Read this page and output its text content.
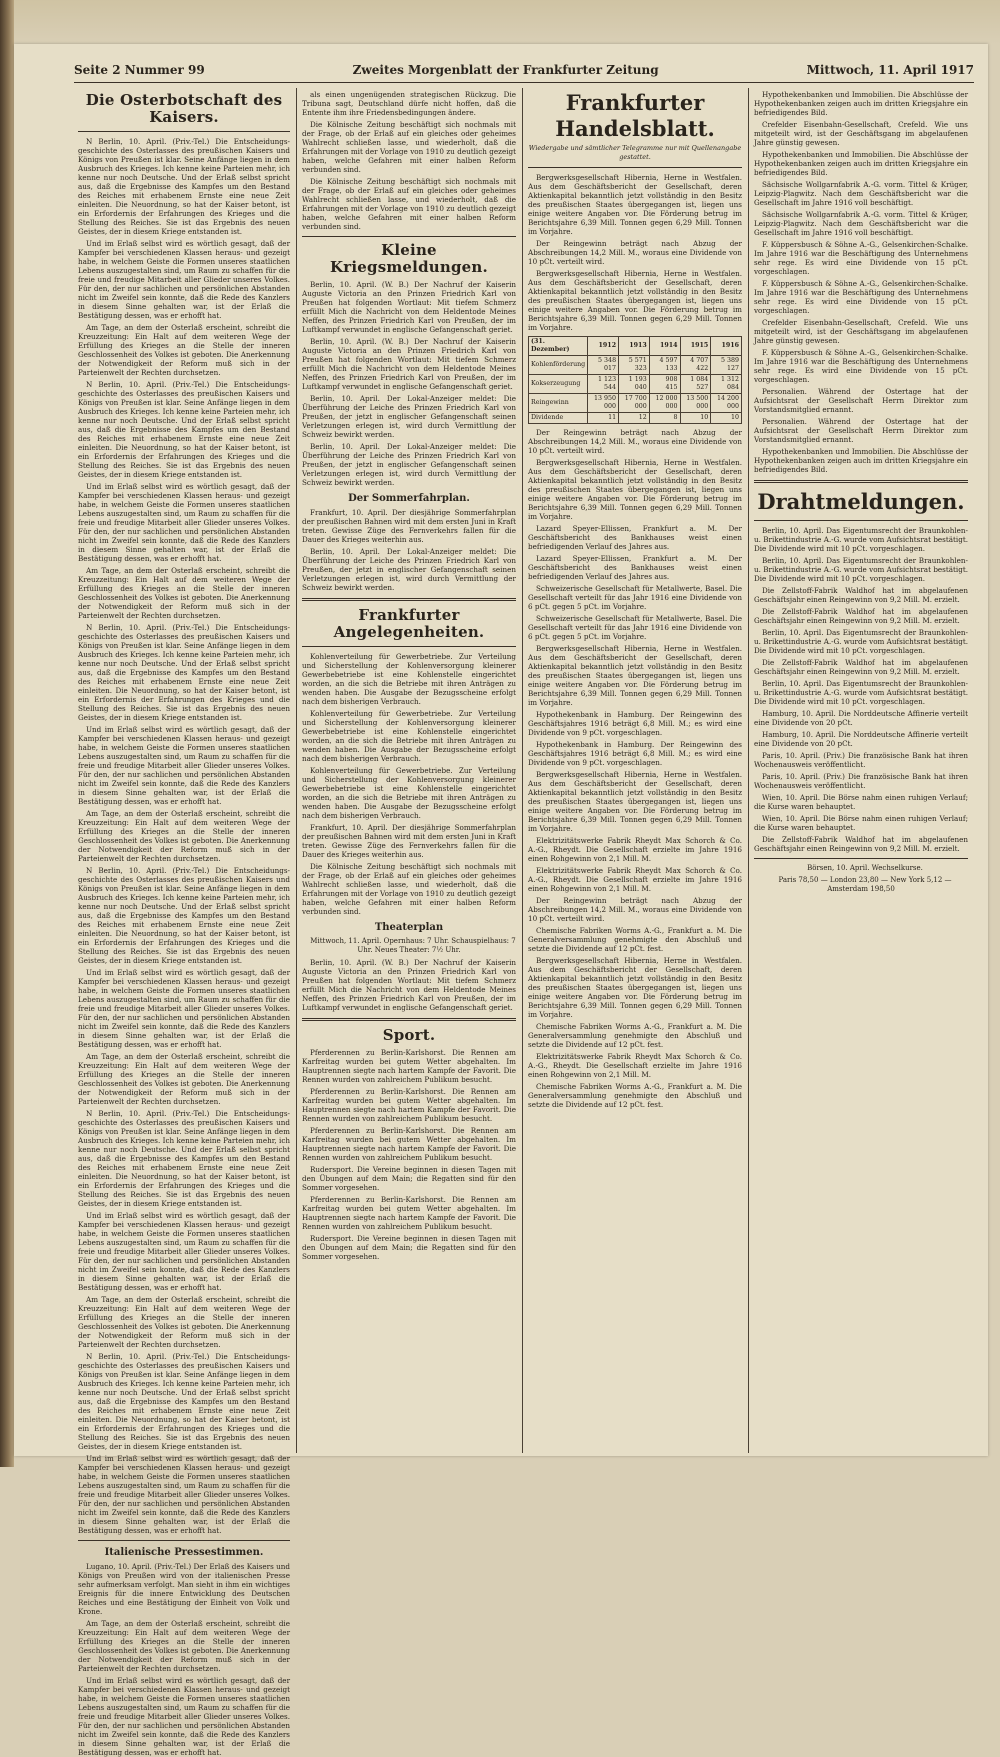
Seite 2 Nummer 99	Zweites Morgenblatt der Frankfurter Zeitung	Mittwoch, 11. April 1917
Die Osterbotschaft des Kaisers.

N Berlin, 10. April. (Priv.-Tel.) Die Entscheidungs-geschichte des Osterlasses des preußischen Kaisers und Königs von Preußen ist klar. Seine Anfänge liegen in dem Ausbruch des Krieges. Ich kenne keine Parteien mehr, ich kenne nur noch Deutsche. Und der Erlaß selbst spricht aus, daß die Ergebnisse des Kampfes um den Bestand des Reiches mit erhabenem Ernste eine neue Zeit einleiten. Die Neuordnung, so hat der Kaiser betont, ist ein Erfordernis der Erfahrungen des Krieges und die Stellung des Reiches. Sie ist das Ergebnis des neuen Geistes, der in diesem Kriege entstanden ist.

Und im Erlaß selbst wird es wörtlich gesagt, daß der Kampfer bei verschiedenen Klassen heraus- und gezeigt habe, in welchem Geiste die Formen unseres staatlichen Lebens auszugestalten sind, um Raum zu schaffen für die freie und freudige Mitarbeit aller Glieder unseres Volkes. Für den, der nur sachlichen und persönlichen Abstanden nicht im Zweifel sein konnte, daß die Rede des Kanzlers in diesem Sinne gehalten war, ist der Erlaß die Bestätigung dessen, was er erhofft hat.

Am Tage, an dem der Osterlaß erscheint, schreibt die Kreuzzeitung: Ein Halt auf dem weiteren Wege der Erfüllung des Krieges an die Stelle der inneren Geschlossenheit des Volkes ist geboten. Die Anerkennung der Notwendigkeit der Reform muß sich in der Parteienwelt der Rechten durchsetzen.

N Berlin, 10. April. (Priv.-Tel.) Die Entscheidungs-geschichte des Osterlasses des preußischen Kaisers und Königs von Preußen ist klar. Seine Anfänge liegen in dem Ausbruch des Krieges. Ich kenne keine Parteien mehr, ich kenne nur noch Deutsche. Und der Erlaß selbst spricht aus, daß die Ergebnisse des Kampfes um den Bestand des Reiches mit erhabenem Ernste eine neue Zeit einleiten. Die Neuordnung, so hat der Kaiser betont, ist ein Erfordernis der Erfahrungen des Krieges und die Stellung des Reiches. Sie ist das Ergebnis des neuen Geistes, der in diesem Kriege entstanden ist.

Und im Erlaß selbst wird es wörtlich gesagt, daß der Kampfer bei verschiedenen Klassen heraus- und gezeigt habe, in welchem Geiste die Formen unseres staatlichen Lebens auszugestalten sind, um Raum zu schaffen für die freie und freudige Mitarbeit aller Glieder unseres Volkes. Für den, der nur sachlichen und persönlichen Abstanden nicht im Zweifel sein konnte, daß die Rede des Kanzlers in diesem Sinne gehalten war, ist der Erlaß die Bestätigung dessen, was er erhofft hat.

Am Tage, an dem der Osterlaß erscheint, schreibt die Kreuzzeitung: Ein Halt auf dem weiteren Wege der Erfüllung des Krieges an die Stelle der inneren Geschlossenheit des Volkes ist geboten. Die Anerkennung der Notwendigkeit der Reform muß sich in der Parteienwelt der Rechten durchsetzen.

N Berlin, 10. April. (Priv.-Tel.) Die Entscheidungs-geschichte des Osterlasses des preußischen Kaisers und Königs von Preußen ist klar. Seine Anfänge liegen in dem Ausbruch des Krieges. Ich kenne keine Parteien mehr, ich kenne nur noch Deutsche. Und der Erlaß selbst spricht aus, daß die Ergebnisse des Kampfes um den Bestand des Reiches mit erhabenem Ernste eine neue Zeit einleiten. Die Neuordnung, so hat der Kaiser betont, ist ein Erfordernis der Erfahrungen des Krieges und die Stellung des Reiches. Sie ist das Ergebnis des neuen Geistes, der in diesem Kriege entstanden ist.

Und im Erlaß selbst wird es wörtlich gesagt, daß der Kampfer bei verschiedenen Klassen heraus- und gezeigt habe, in welchem Geiste die Formen unseres staatlichen Lebens auszugestalten sind, um Raum zu schaffen für die freie und freudige Mitarbeit aller Glieder unseres Volkes. Für den, der nur sachlichen und persönlichen Abstanden nicht im Zweifel sein konnte, daß die Rede des Kanzlers in diesem Sinne gehalten war, ist der Erlaß die Bestätigung dessen, was er erhofft hat.

Am Tage, an dem der Osterlaß erscheint, schreibt die Kreuzzeitung: Ein Halt auf dem weiteren Wege der Erfüllung des Krieges an die Stelle der inneren Geschlossenheit des Volkes ist geboten. Die Anerkennung der Notwendigkeit der Reform muß sich in der Parteienwelt der Rechten durchsetzen.

N Berlin, 10. April. (Priv.-Tel.) Die Entscheidungs-geschichte des Osterlasses des preußischen Kaisers und Königs von Preußen ist klar. Seine Anfänge liegen in dem Ausbruch des Krieges. Ich kenne keine Parteien mehr, ich kenne nur noch Deutsche. Und der Erlaß selbst spricht aus, daß die Ergebnisse des Kampfes um den Bestand des Reiches mit erhabenem Ernste eine neue Zeit einleiten. Die Neuordnung, so hat der Kaiser betont, ist ein Erfordernis der Erfahrungen des Krieges und die Stellung des Reiches. Sie ist das Ergebnis des neuen Geistes, der in diesem Kriege entstanden ist.

Und im Erlaß selbst wird es wörtlich gesagt, daß der Kampfer bei verschiedenen Klassen heraus- und gezeigt habe, in welchem Geiste die Formen unseres staatlichen Lebens auszugestalten sind, um Raum zu schaffen für die freie und freudige Mitarbeit aller Glieder unseres Volkes. Für den, der nur sachlichen und persönlichen Abstanden nicht im Zweifel sein konnte, daß die Rede des Kanzlers in diesem Sinne gehalten war, ist der Erlaß die Bestätigung dessen, was er erhofft hat.

Am Tage, an dem der Osterlaß erscheint, schreibt die Kreuzzeitung: Ein Halt auf dem weiteren Wege der Erfüllung des Krieges an die Stelle der inneren Geschlossenheit des Volkes ist geboten. Die Anerkennung der Notwendigkeit der Reform muß sich in der Parteienwelt der Rechten durchsetzen.

N Berlin, 10. April. (Priv.-Tel.) Die Entscheidungs-geschichte des Osterlasses des preußischen Kaisers und Königs von Preußen ist klar. Seine Anfänge liegen in dem Ausbruch des Krieges. Ich kenne keine Parteien mehr, ich kenne nur noch Deutsche. Und der Erlaß selbst spricht aus, daß die Ergebnisse des Kampfes um den Bestand des Reiches mit erhabenem Ernste eine neue Zeit einleiten. Die Neuordnung, so hat der Kaiser betont, ist ein Erfordernis der Erfahrungen des Krieges und die Stellung des Reiches. Sie ist das Ergebnis des neuen Geistes, der in diesem Kriege entstanden ist.

Und im Erlaß selbst wird es wörtlich gesagt, daß der Kampfer bei verschiedenen Klassen heraus- und gezeigt habe, in welchem Geiste die Formen unseres staatlichen Lebens auszugestalten sind, um Raum zu schaffen für die freie und freudige Mitarbeit aller Glieder unseres Volkes. Für den, der nur sachlichen und persönlichen Abstanden nicht im Zweifel sein konnte, daß die Rede des Kanzlers in diesem Sinne gehalten war, ist der Erlaß die Bestätigung dessen, was er erhofft hat.

Am Tage, an dem der Osterlaß erscheint, schreibt die Kreuzzeitung: Ein Halt auf dem weiteren Wege der Erfüllung des Krieges an die Stelle der inneren Geschlossenheit des Volkes ist geboten. Die Anerkennung der Notwendigkeit der Reform muß sich in der Parteienwelt der Rechten durchsetzen.

N Berlin, 10. April. (Priv.-Tel.) Die Entscheidungs-geschichte des Osterlasses des preußischen Kaisers und Königs von Preußen ist klar. Seine Anfänge liegen in dem Ausbruch des Krieges. Ich kenne keine Parteien mehr, ich kenne nur noch Deutsche. Und der Erlaß selbst spricht aus, daß die Ergebnisse des Kampfes um den Bestand des Reiches mit erhabenem Ernste eine neue Zeit einleiten. Die Neuordnung, so hat der Kaiser betont, ist ein Erfordernis der Erfahrungen des Krieges und die Stellung des Reiches. Sie ist das Ergebnis des neuen Geistes, der in diesem Kriege entstanden ist.

Und im Erlaß selbst wird es wörtlich gesagt, daß der Kampfer bei verschiedenen Klassen heraus- und gezeigt habe, in welchem Geiste die Formen unseres staatlichen Lebens auszugestalten sind, um Raum zu schaffen für die freie und freudige Mitarbeit aller Glieder unseres Volkes. Für den, der nur sachlichen und persönlichen Abstanden nicht im Zweifel sein konnte, daß die Rede des Kanzlers in diesem Sinne gehalten war, ist der Erlaß die Bestätigung dessen, was er erhofft hat.

Italienische Pressestimmen.

Lugano, 10. April. (Priv.-Tel.) Der Erlaß des Kaisers und Königs von Preußen wird von der italienischen Presse sehr aufmerksam verfolgt. Man sieht in ihm ein wichtiges Ereignis für die innere Entwicklung des Deutschen Reiches und eine Bestätigung der Einheit von Volk und Krone.

Am Tage, an dem der Osterlaß erscheint, schreibt die Kreuzzeitung: Ein Halt auf dem weiteren Wege der Erfüllung des Krieges an die Stelle der inneren Geschlossenheit des Volkes ist geboten. Die Anerkennung der Notwendigkeit der Reform muß sich in der Parteienwelt der Rechten durchsetzen.

Und im Erlaß selbst wird es wörtlich gesagt, daß der Kampfer bei verschiedenen Klassen heraus- und gezeigt habe, in welchem Geiste die Formen unseres staatlichen Lebens auszugestalten sind, um Raum zu schaffen für die freie und freudige Mitarbeit aller Glieder unseres Volkes. Für den, der nur sachlichen und persönlichen Abstanden nicht im Zweifel sein konnte, daß die Rede des Kanzlers in diesem Sinne gehalten war, ist der Erlaß die Bestätigung dessen, was er erhofft hat.

als einen ungenügenden strategischen Rückzug. Die Tribuna sagt, Deutschland dürfe nicht hoffen, daß die Entente ihm ihre Friedensbedingungen ändere.

Die Kölnische Zeitung beschäftigt sich nochmals mit der Frage, ob der Erlaß auf ein gleiches oder geheimes Wahlrecht schließen lasse, und wiederholt, daß die Erfahrungen mit der Vorlage von 1910 zu deutlich gezeigt haben, welche Gefahren mit einer halben Reform verbunden sind.

Die Kölnische Zeitung beschäftigt sich nochmals mit der Frage, ob der Erlaß auf ein gleiches oder geheimes Wahlrecht schließen lasse, und wiederholt, daß die Erfahrungen mit der Vorlage von 1910 zu deutlich gezeigt haben, welche Gefahren mit einer halben Reform verbunden sind.

Kleine Kriegsmeldungen.

Berlin, 10. April. (W. B.) Der Nachruf der Kaiserin Auguste Victoria an den Prinzen Friedrich Karl von Preußen hat folgenden Wortlaut: Mit tiefem Schmerz erfüllt Mich die Nachricht von dem Heldentode Meines Neffen, des Prinzen Friedrich Karl von Preußen, der im Luftkampf verwundet in englische Gefangenschaft geriet.

Berlin, 10. April. (W. B.) Der Nachruf der Kaiserin Auguste Victoria an den Prinzen Friedrich Karl von Preußen hat folgenden Wortlaut: Mit tiefem Schmerz erfüllt Mich die Nachricht von dem Heldentode Meines Neffen, des Prinzen Friedrich Karl von Preußen, der im Luftkampf verwundet in englische Gefangenschaft geriet.

Berlin, 10. April. Der Lokal-Anzeiger meldet: Die Überführung der Leiche des Prinzen Friedrich Karl von Preußen, der jetzt in englischer Gefangenschaft seinen Verletzungen erlegen ist, wird durch Vermittlung der Schweiz bewirkt werden.

Berlin, 10. April. Der Lokal-Anzeiger meldet: Die Überführung der Leiche des Prinzen Friedrich Karl von Preußen, der jetzt in englischer Gefangenschaft seinen Verletzungen erlegen ist, wird durch Vermittlung der Schweiz bewirkt werden.

Der Sommerfahrplan.

Frankfurt, 10. April. Der diesjährige Sommerfahrplan der preußischen Bahnen wird mit dem ersten Juni in Kraft treten. Gewisse Züge des Fernverkehrs fallen für die Dauer des Krieges weiterhin aus.

Berlin, 10. April. Der Lokal-Anzeiger meldet: Die Überführung der Leiche des Prinzen Friedrich Karl von Preußen, der jetzt in englischer Gefangenschaft seinen Verletzungen erlegen ist, wird durch Vermittlung der Schweiz bewirkt werden.

Frankfurter Angelegenheiten.

Kohlenverteilung für Gewerbetriebe. Zur Verteilung und Sicherstellung der Kohlenversorgung kleinerer Gewerbebetriebe ist eine Kohlenstelle eingerichtet worden, an die sich die Betriebe mit ihren Anträgen zu wenden haben. Die Ausgabe der Bezugsscheine erfolgt nach dem bisherigen Verbrauch.

Kohlenverteilung für Gewerbetriebe. Zur Verteilung und Sicherstellung der Kohlenversorgung kleinerer Gewerbebetriebe ist eine Kohlenstelle eingerichtet worden, an die sich die Betriebe mit ihren Anträgen zu wenden haben. Die Ausgabe der Bezugsscheine erfolgt nach dem bisherigen Verbrauch.

Kohlenverteilung für Gewerbetriebe. Zur Verteilung und Sicherstellung der Kohlenversorgung kleinerer Gewerbebetriebe ist eine Kohlenstelle eingerichtet worden, an die sich die Betriebe mit ihren Anträgen zu wenden haben. Die Ausgabe der Bezugsscheine erfolgt nach dem bisherigen Verbrauch.

Frankfurt, 10. April. Der diesjährige Sommerfahrplan der preußischen Bahnen wird mit dem ersten Juni in Kraft treten. Gewisse Züge des Fernverkehrs fallen für die Dauer des Krieges weiterhin aus.

Die Kölnische Zeitung beschäftigt sich nochmals mit der Frage, ob der Erlaß auf ein gleiches oder geheimes Wahlrecht schließen lasse, und wiederholt, daß die Erfahrungen mit der Vorlage von 1910 zu deutlich gezeigt haben, welche Gefahren mit einer halben Reform verbunden sind.

Theaterplan

Mittwoch, 11. April. Opernhaus: 7 Uhr. Schauspielhaus: 7 Uhr. Neues Theater: 7½ Uhr.

Berlin, 10. April. (W. B.) Der Nachruf der Kaiserin Auguste Victoria an den Prinzen Friedrich Karl von Preußen hat folgenden Wortlaut: Mit tiefem Schmerz erfüllt Mich die Nachricht von dem Heldentode Meines Neffen, des Prinzen Friedrich Karl von Preußen, der im Luftkampf verwundet in englische Gefangenschaft geriet.

Sport.

Pferderennen zu Berlin-Karlshorst. Die Rennen am Karfreitag wurden bei gutem Wetter abgehalten. Im Hauptrennen siegte nach hartem Kampfe der Favorit. Die Rennen wurden von zahlreichem Publikum besucht.

Pferderennen zu Berlin-Karlshorst. Die Rennen am Karfreitag wurden bei gutem Wetter abgehalten. Im Hauptrennen siegte nach hartem Kampfe der Favorit. Die Rennen wurden von zahlreichem Publikum besucht.

Pferderennen zu Berlin-Karlshorst. Die Rennen am Karfreitag wurden bei gutem Wetter abgehalten. Im Hauptrennen siegte nach hartem Kampfe der Favorit. Die Rennen wurden von zahlreichem Publikum besucht.

Rudersport. Die Vereine beginnen in diesen Tagen mit den Übungen auf dem Main; die Regatten sind für den Sommer vorgesehen.

Pferderennen zu Berlin-Karlshorst. Die Rennen am Karfreitag wurden bei gutem Wetter abgehalten. Im Hauptrennen siegte nach hartem Kampfe der Favorit. Die Rennen wurden von zahlreichem Publikum besucht.

Rudersport. Die Vereine beginnen in diesen Tagen mit den Übungen auf dem Main; die Regatten sind für den Sommer vorgesehen.

Frankfurter Handelsblatt.
Wiedergabe und sämtlicher Telegramme nur mit Quellenangabe gestattet.

Bergwerksgesellschaft Hibernia, Herne in Westfalen. Aus dem Geschäftsbericht der Gesellschaft, deren Aktienkapital bekanntlich jetzt vollständig in den Besitz des preußischen Staates übergegangen ist, liegen uns einige weitere Angaben vor. Die Förderung betrug im Berichtsjahre 6,39 Mill. Tonnen gegen 6,29 Mill. Tonnen im Vorjahre.

Der Reingewinn beträgt nach Abzug der Abschreibungen 14,2 Mill. M., woraus eine Dividende von 10 pCt. verteilt wird.

Bergwerksgesellschaft Hibernia, Herne in Westfalen. Aus dem Geschäftsbericht der Gesellschaft, deren Aktienkapital bekanntlich jetzt vollständig in den Besitz des preußischen Staates übergegangen ist, liegen uns einige weitere Angaben vor. Die Förderung betrug im Berichtsjahre 6,39 Mill. Tonnen gegen 6,29 Mill. Tonnen im Vorjahre.

(31. Dezember)	1912	1913	1914	1915	1916
Kohlenförderung	5 348 017	5 571 323	4 597 133	4 707 422	5 389 127
Kokserzeugung	1 123 544	1 193 040	908 415	1 084 527	1 312 084
Reingewinn	13 950 000	17 700 000	12 000 000	13 500 000	14 200 000
Dividende	11	12	8	10	10

Der Reingewinn beträgt nach Abzug der Abschreibungen 14,2 Mill. M., woraus eine Dividende von 10 pCt. verteilt wird.

Bergwerksgesellschaft Hibernia, Herne in Westfalen. Aus dem Geschäftsbericht der Gesellschaft, deren Aktienkapital bekanntlich jetzt vollständig in den Besitz des preußischen Staates übergegangen ist, liegen uns einige weitere Angaben vor. Die Förderung betrug im Berichtsjahre 6,39 Mill. Tonnen gegen 6,29 Mill. Tonnen im Vorjahre.

Lazard Speyer-Ellissen, Frankfurt a. M. Der Geschäftsbericht des Bankhauses weist einen befriedigenden Verlauf des Jahres aus.

Lazard Speyer-Ellissen, Frankfurt a. M. Der Geschäftsbericht des Bankhauses weist einen befriedigenden Verlauf des Jahres aus.

Schweizerische Gesellschaft für Metallwerte, Basel. Die Gesellschaft verteilt für das Jahr 1916 eine Dividende von 6 pCt. gegen 5 pCt. im Vorjahre.

Schweizerische Gesellschaft für Metallwerte, Basel. Die Gesellschaft verteilt für das Jahr 1916 eine Dividende von 6 pCt. gegen 5 pCt. im Vorjahre.

Bergwerksgesellschaft Hibernia, Herne in Westfalen. Aus dem Geschäftsbericht der Gesellschaft, deren Aktienkapital bekanntlich jetzt vollständig in den Besitz des preußischen Staates übergegangen ist, liegen uns einige weitere Angaben vor. Die Förderung betrug im Berichtsjahre 6,39 Mill. Tonnen gegen 6,29 Mill. Tonnen im Vorjahre.

Hypothekenbank in Hamburg. Der Reingewinn des Geschäftsjahres 1916 beträgt 6,8 Mill. M.; es wird eine Dividende von 9 pCt. vorgeschlagen.

Hypothekenbank in Hamburg. Der Reingewinn des Geschäftsjahres 1916 beträgt 6,8 Mill. M.; es wird eine Dividende von 9 pCt. vorgeschlagen.

Bergwerksgesellschaft Hibernia, Herne in Westfalen. Aus dem Geschäftsbericht der Gesellschaft, deren Aktienkapital bekanntlich jetzt vollständig in den Besitz des preußischen Staates übergegangen ist, liegen uns einige weitere Angaben vor. Die Förderung betrug im Berichtsjahre 6,39 Mill. Tonnen gegen 6,29 Mill. Tonnen im Vorjahre.

Elektrizitätswerke Fabrik Rheydt Max Schorch & Co. A.-G., Rheydt. Die Gesellschaft erzielte im Jahre 1916 einen Rohgewinn von 2,1 Mill. M.

Elektrizitätswerke Fabrik Rheydt Max Schorch & Co. A.-G., Rheydt. Die Gesellschaft erzielte im Jahre 1916 einen Rohgewinn von 2,1 Mill. M.

Der Reingewinn beträgt nach Abzug der Abschreibungen 14,2 Mill. M., woraus eine Dividende von 10 pCt. verteilt wird.

Chemische Fabriken Worms A.-G., Frankfurt a. M. Die Generalversammlung genehmigte den Abschluß und setzte die Dividende auf 12 pCt. fest.

Bergwerksgesellschaft Hibernia, Herne in Westfalen. Aus dem Geschäftsbericht der Gesellschaft, deren Aktienkapital bekanntlich jetzt vollständig in den Besitz des preußischen Staates übergegangen ist, liegen uns einige weitere Angaben vor. Die Förderung betrug im Berichtsjahre 6,39 Mill. Tonnen gegen 6,29 Mill. Tonnen im Vorjahre.

Chemische Fabriken Worms A.-G., Frankfurt a. M. Die Generalversammlung genehmigte den Abschluß und setzte die Dividende auf 12 pCt. fest.

Elektrizitätswerke Fabrik Rheydt Max Schorch & Co. A.-G., Rheydt. Die Gesellschaft erzielte im Jahre 1916 einen Rohgewinn von 2,1 Mill. M.

Chemische Fabriken Worms A.-G., Frankfurt a. M. Die Generalversammlung genehmigte den Abschluß und setzte die Dividende auf 12 pCt. fest.

Hypothekenbanken und Immobilien. Die Abschlüsse der Hypothekenbanken zeigen auch im dritten Kriegsjahre ein befriedigendes Bild.

Crefelder Eisenbahn-Gesellschaft, Crefeld. Wie uns mitgeteilt wird, ist der Geschäftsgang im abgelaufenen Jahre günstig gewesen.

Hypothekenbanken und Immobilien. Die Abschlüsse der Hypothekenbanken zeigen auch im dritten Kriegsjahre ein befriedigendes Bild.

Sächsische Wollgarnfabrik A.-G. vorm. Tittel & Krüger, Leipzig-Plagwitz. Nach dem Geschäftsbericht war die Gesellschaft im Jahre 1916 voll beschäftigt.

Sächsische Wollgarnfabrik A.-G. vorm. Tittel & Krüger, Leipzig-Plagwitz. Nach dem Geschäftsbericht war die Gesellschaft im Jahre 1916 voll beschäftigt.

F. Küppersbusch & Söhne A.-G., Gelsenkirchen-Schalke. Im Jahre 1916 war die Beschäftigung des Unternehmens sehr rege. Es wird eine Dividende von 15 pCt. vorgeschlagen.

F. Küppersbusch & Söhne A.-G., Gelsenkirchen-Schalke. Im Jahre 1916 war die Beschäftigung des Unternehmens sehr rege. Es wird eine Dividende von 15 pCt. vorgeschlagen.

Crefelder Eisenbahn-Gesellschaft, Crefeld. Wie uns mitgeteilt wird, ist der Geschäftsgang im abgelaufenen Jahre günstig gewesen.

F. Küppersbusch & Söhne A.-G., Gelsenkirchen-Schalke. Im Jahre 1916 war die Beschäftigung des Unternehmens sehr rege. Es wird eine Dividende von 15 pCt. vorgeschlagen.

Personalien. Während der Ostertage hat der Aufsichtsrat der Gesellschaft Herrn Direktor zum Vorstandsmitglied ernannt.

Personalien. Während der Ostertage hat der Aufsichtsrat der Gesellschaft Herrn Direktor zum Vorstandsmitglied ernannt.

Hypothekenbanken und Immobilien. Die Abschlüsse der Hypothekenbanken zeigen auch im dritten Kriegsjahre ein befriedigendes Bild.

Drahtmeldungen.

Berlin, 10. April. Das Eigentumsrecht der Braunkohlen- u. Brikettindustrie A.-G. wurde vom Aufsichtsrat bestätigt. Die Dividende wird mit 10 pCt. vorgeschlagen.

Berlin, 10. April. Das Eigentumsrecht der Braunkohlen- u. Brikettindustrie A.-G. wurde vom Aufsichtsrat bestätigt. Die Dividende wird mit 10 pCt. vorgeschlagen.

Die Zellstoff-Fabrik Waldhof hat im abgelaufenen Geschäftsjahr einen Reingewinn von 9,2 Mill. M. erzielt.

Die Zellstoff-Fabrik Waldhof hat im abgelaufenen Geschäftsjahr einen Reingewinn von 9,2 Mill. M. erzielt.

Berlin, 10. April. Das Eigentumsrecht der Braunkohlen- u. Brikettindustrie A.-G. wurde vom Aufsichtsrat bestätigt. Die Dividende wird mit 10 pCt. vorgeschlagen.

Die Zellstoff-Fabrik Waldhof hat im abgelaufenen Geschäftsjahr einen Reingewinn von 9,2 Mill. M. erzielt.

Berlin, 10. April. Das Eigentumsrecht der Braunkohlen- u. Brikettindustrie A.-G. wurde vom Aufsichtsrat bestätigt. Die Dividende wird mit 10 pCt. vorgeschlagen.

Hamburg, 10. April. Die Norddeutsche Affinerie verteilt eine Dividende von 20 pCt.

Hamburg, 10. April. Die Norddeutsche Affinerie verteilt eine Dividende von 20 pCt.

Paris, 10. April. (Priv.) Die französische Bank hat ihren Wochenausweis veröffentlicht.

Paris, 10. April. (Priv.) Die französische Bank hat ihren Wochenausweis veröffentlicht.

Wien, 10. April. Die Börse nahm einen ruhigen Verlauf; die Kurse waren behauptet.

Wien, 10. April. Die Börse nahm einen ruhigen Verlauf; die Kurse waren behauptet.

Die Zellstoff-Fabrik Waldhof hat im abgelaufenen Geschäftsjahr einen Reingewinn von 9,2 Mill. M. erzielt.

Börsen, 10. April. Wechselkurse.

Paris 78,50 — London 23,80 — New York 5,12 — Amsterdam 198,50
